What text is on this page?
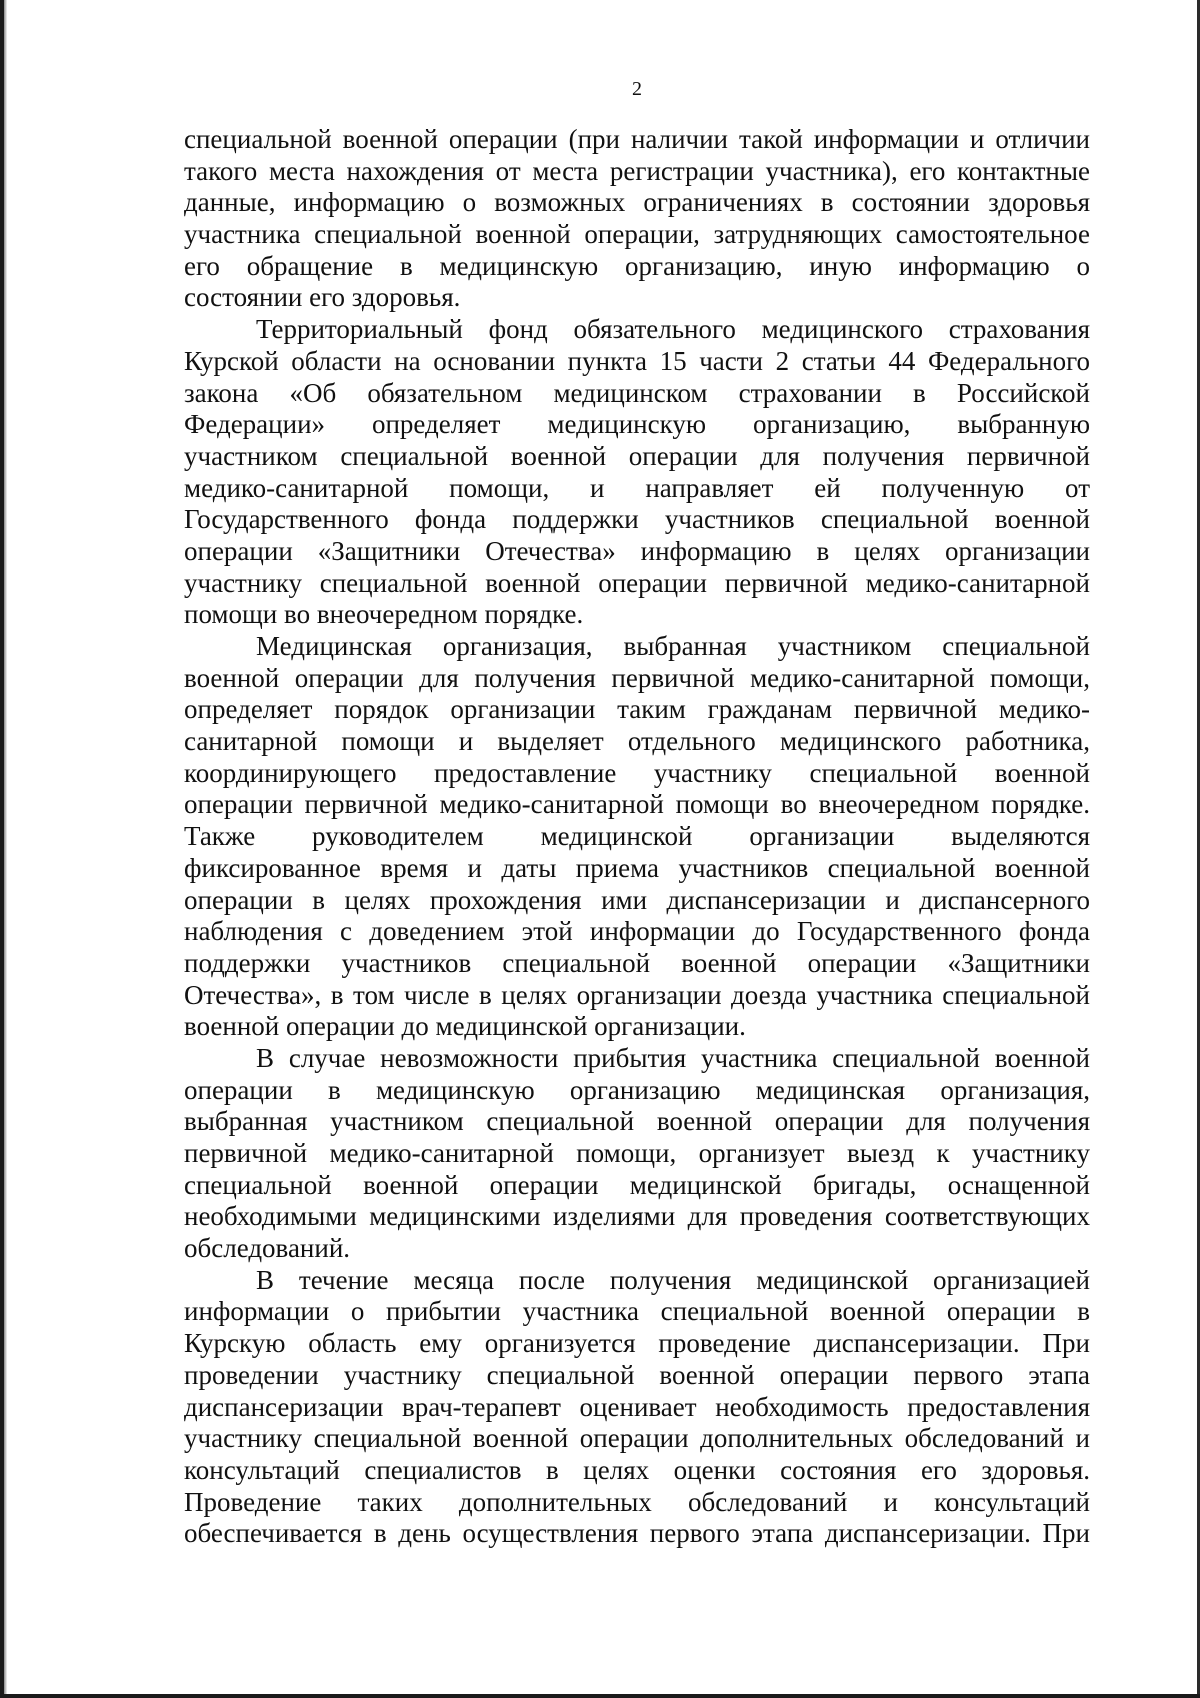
2
специальной военной операции (при наличии такой информации и отличии
такого места нахождения от места регистрации участника), его контактные
данные, информацию о возможных ограничениях в состоянии здоровья
участника специальной военной операции, затрудняющих самостоятельное
его обращение в медицинскую организацию, иную информацию о
состоянии его здоровья.
Территориальный фонд обязательного медицинского страхования
Курской области на основании пункта 15 части 2 статьи 44 Федерального
закона «Об обязательном медицинском страховании в Российской
Федерации» определяет медицинскую организацию, выбранную
участником специальной военной операции для получения первичной
медико-санитарной помощи, и направляет ей полученную от
Государственного фонда поддержки участников специальной военной
операции «Защитники Отечества» информацию в целях организации
участнику специальной военной операции первичной медико-санитарной
помощи во внеочередном порядке.
Медицинская организация, выбранная участником специальной
военной операции для получения первичной медико-санитарной помощи,
определяет порядок организации таким гражданам первичной медико-
санитарной помощи и выделяет отдельного медицинского работника,
координирующего предоставление участнику специальной военной
операции первичной медико-санитарной помощи во внеочередном порядке.
Также руководителем медицинской организации выделяются
фиксированное время и даты приема участников специальной военной
операции в целях прохождения ими диспансеризации и диспансерного
наблюдения с доведением этой информации до Государственного фонда
поддержки участников специальной военной операции «Защитники
Отечества», в том числе в целях организации доезда участника специальной
военной операции до медицинской организации.
В случае невозможности прибытия участника специальной военной
операции в медицинскую организацию медицинская организация,
выбранная участником специальной военной операции для получения
первичной медико-санитарной помощи, организует выезд к участнику
специальной военной операции медицинской бригады, оснащенной
необходимыми медицинскими изделиями для проведения соответствующих
обследований.
В течение месяца после получения медицинской организацией
информации о прибытии участника специальной военной операции в
Курскую область ему организуется проведение диспансеризации. При
проведении участнику специальной военной операции первого этапа
диспансеризации врач-терапевт оценивает необходимость предоставления
участнику специальной военной операции дополнительных обследований и
консультаций специалистов в целях оценки состояния его здоровья.
Проведение таких дополнительных обследований и консультаций
обеспечивается в день осуществления первого этапа диспансеризации. При
